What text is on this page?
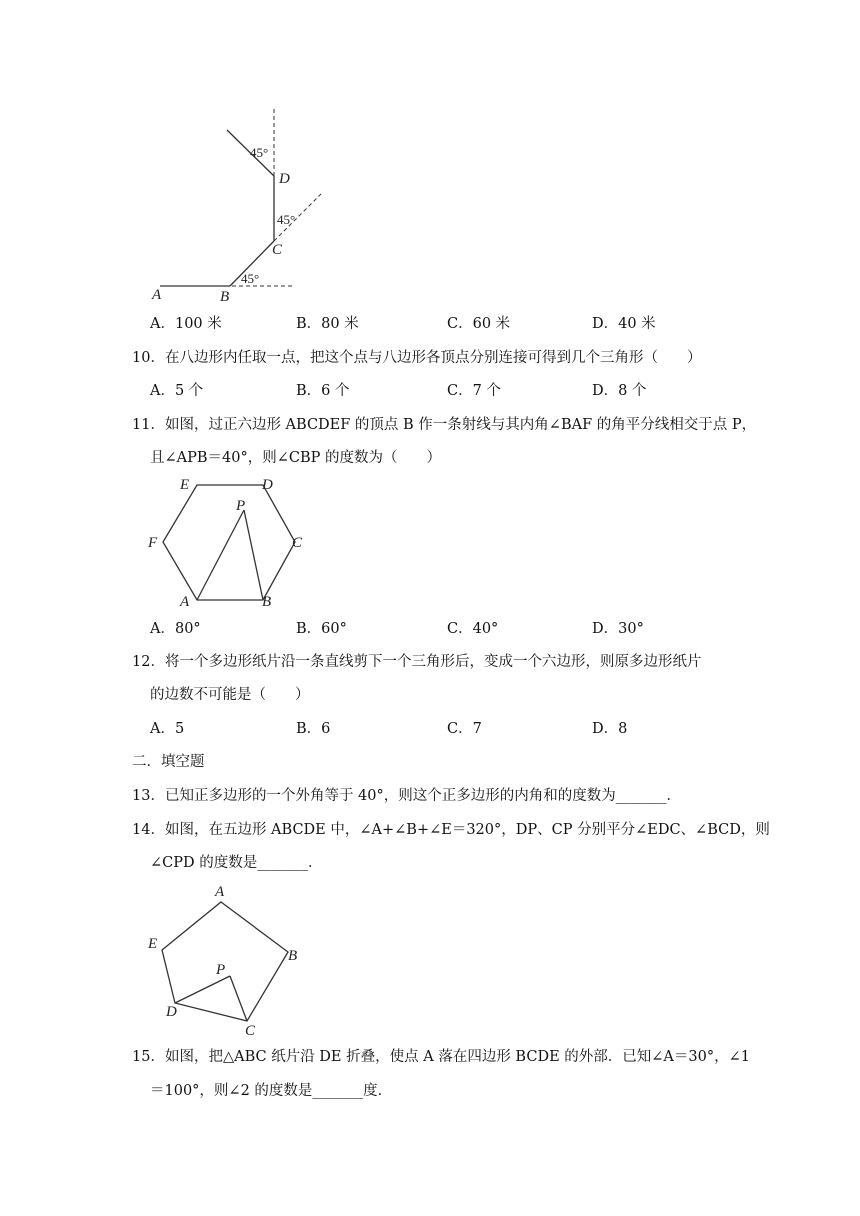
A	B
C
D
45°
45°
45°
A．100 米	B．80 米	C．60 米	D．40 米
10．在八边形内任取一点，把这个点与八边形各顶点分别连接可得到几个三角形（　　）
A．5 个	B．6 个	C．7 个	D．8 个
11．如图，过正六边形 ABCDEF 的顶点 B 作一条射线与其内角∠BAF 的角平分线相交于点 P，
且∠APB＝40°，则∠CBP 的度数为（　　）
A	B
C
D
E
F
P
A．80°	B．60°	C．40°	D．30°
12．将一个多边形纸片沿一条直线剪下一个三角形后，变成一个六边形，则原多边形纸片
的边数不可能是（　　）
A．5	B．6	C．7	D．8
二．填空题
13．已知正多边形的一个外角等于 40°，则这个正多边形的内角和的度数为_______．
14．如图，在五边形 ABCDE 中，∠A+∠B+∠E＝320°，DP、CP 分别平分∠EDC、∠BCD，则
∠CPD 的度数是_______．
A
B
C
D
E
P
15．如图，把△ABC 纸片沿 DE 折叠，使点 A 落在四边形 BCDE 的外部．已知∠A＝30°，∠1
＝100°，则∠2 的度数是_______度．
